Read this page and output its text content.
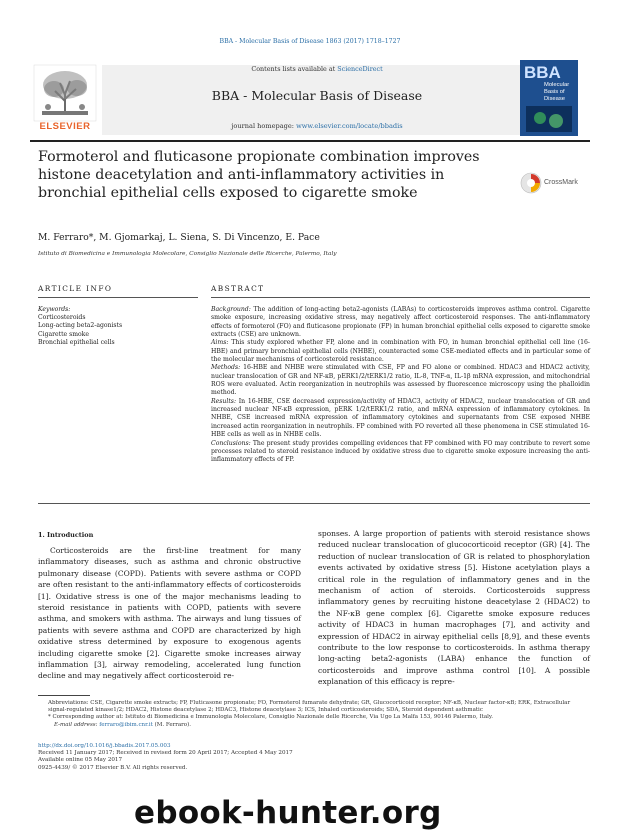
BBA - Molecular Basis of Disease 1863 (2017) 1718–1727
ELSEVIER
Contents lists available at ScienceDirect
BBA - Molecular Basis of Disease
journal homepage: www.elsevier.com/locate/bbadis
BBA
Molecular
Basis of
Disease
Formoterol and fluticasone propionate combination improves histone deacetylation and anti-inflammatory activities in bronchial epithelial cells exposed to cigarette smoke
CrossMark
M. Ferraro*, M. Gjomarkaj, L. Siena, S. Di Vincenzo, E. Pace
Istituto di Biomedicina e Immunologia Molecolare, Consiglio Nazionale delle Ricerche, Palermo, Italy
ARTICLE INFO	ABSTRACT
Keywords:
Corticosteroids
Long-acting beta2-agonists
Cigarette smoke
Bronchial epithelial cells

Background: The addition of long-acting beta2-agonists (LABAs) to corticosteroids improves asthma control. Cigarette smoke exposure, increasing oxidative stress, may negatively affect corticosteroid responses. The anti-inflammatory effects of formoterol (FO) and fluticasone propionate (FP) in human bronchial epithelial cells exposed to cigarette smoke extracts (CSE) are unknown.

Aims: This study explored whether FP, alone and in combination with FO, in human bronchial epithelial cell line (16-HBE) and primary bronchial epithelial cells (NHBE), counteracted some CSE-mediated effects and in particular some of the molecular mechanisms of corticosteroid resistance.

Methods: 16-HBE and NHBE were stimulated with CSE, FP and FO alone or combined. HDAC3 and HDAC2 activity, nuclear translocation of GR and NF-κB, pERK1/2/tERK1/2 ratio, IL-8, TNF-α, IL-1β mRNA expression, and mitochondrial ROS were evaluated. Actin reorganization in neutrophils was assessed by fluorescence microscopy using the phalloidin method.

Results: In 16-HBE, CSE decreased expression/activity of HDAC3, activity of HDAC2, nuclear translocation of GR and increased nuclear NF-κB expression, pERK 1/2/tERK1/2 ratio, and mRNA expression of inflammatory cytokines. In NHBE, CSE increased mRNA expression of inflammatory cytokines and supernatants from CSE exposed NHBE increased actin reorganization in neutrophils. FP combined with FO reverted all these phenomena in CSE stimulated 16-HBE cells as well as in NHBE cells.

Conclusions: The present study provides compelling evidences that FP combined with FO may contribute to revert some processes related to steroid resistance induced by oxidative stress due to cigarette smoke exposure increasing the anti-inflammatory effects of FP.

1. Introduction

Corticosteroids are the first-line treatment for many inflammatory diseases, such as asthma and chronic obstructive pulmonary disease (COPD). Patients with severe asthma or COPD are often resistant to the anti-inflammatory effects of corticosteroids [1]. Oxidative stress is one of the major mechanisms leading to steroid resistance in patients with COPD, patients with severe asthma, and smokers with asthma. The airways and lung tissues of patients with severe asthma and COPD are characterized by high oxidative stress determined by exposure to exogenous agents including cigarette smoke [2]. Cigarette smoke increases airway inflammation [3], airway remodeling, accelerated lung function decline and may negatively affect corticosteroid re-

sponses. A large proportion of patients with steroid resistance shows reduced nuclear translocation of glucocorticoid receptor (GR) [4]. The reduction of nuclear translocation of GR is related to phosphorylation events activated by oxidative stress [5]. Histone acetylation plays a critical role in the regulation of inflammatory genes and in the mechanism of action of steroids. Corticosteroids suppress inflammatory genes by recruiting histone deacetylase 2 (HDAC2) to the NF-κB gene complex [6]. Cigarette smoke exposure reduces activity of HDAC3 in human macrophages [7], and activity and expression of HDAC2 in airway epithelial cells [8,9], and these events contribute to the low response to corticosteroids. In asthma therapy long-acting beta2-agonists (LABA) enhance the function of corticosteroids and improve asthma control [10]. A possible explanation of this efficacy is repre-

Abbreviations: CSE, Cigarette smoke extracts; FP, Fluticasone propionate; FO, Formoterol fumarate dehydrate; GR, Glucocorticoid receptor; NF-κB, Nuclear factor-κB; ERK, Extracellular signal-regulated kinase1/2; HDAC2, Histone deacetylase 2; HDAC3, Histone deacetylase 3; ICS, Inhaled corticosteroids; SDA, Steroid dependent asthmatic
* Corresponding author at: Istituto di Biomedicina e Immunologia Molecolare, Consiglio Nazionale delle Ricerche, Via Ugo La Malfa 153, 90146 Palermo, Italy.
E-mail address: ferraro@ibim.cnr.it (M. Ferraro).
http://dx.doi.org/10.1016/j.bbadis.2017.05.003
Received 11 January 2017; Received in revised form 20 April 2017; Accepted 4 May 2017
Available online 05 May 2017
0925-4439/ © 2017 Elsevier B.V. All rights reserved.
ebook-hunter.org
